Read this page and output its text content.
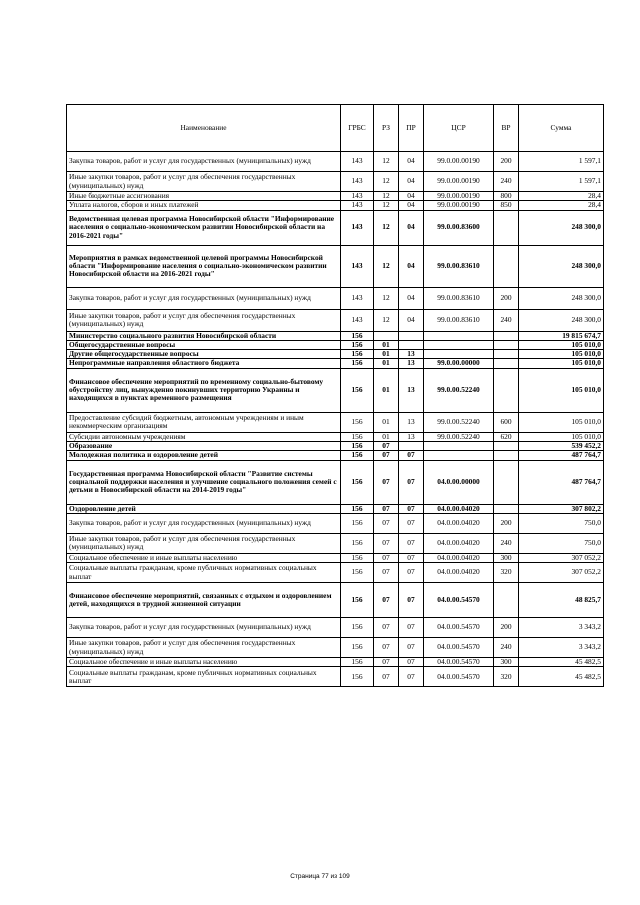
Наименование	ГРБС	РЗ	ПР	ЦСР	ВР	Сумма
Закупка товаров, работ и услуг для государственных (муниципальных) нужд	143	12	04	99.0.00.00190	200	1 597,1
Иные закупки товаров, работ и услуг для обеспечения государственных (муниципальных) нужд	143	12	04	99.0.00.00190	240	1 597,1
Иные бюджетные ассигнования	143	12	04	99.0.00.00190	800	28,4
Уплата налогов, сборов и иных платежей	143	12	04	99.0.00.00190	850	28,4
Ведомственная целевая программа Новосибирской области "Информирование населения о социально-экономическом развитии Новосибирской области на 2016-2021 годы"	143	12	04	99.0.00.83600		248 300,0
Мероприятия в рамках ведомственной целевой программы Новосибирской области "Информирование населения о социально-экономическом развитии Новосибирской области на 2016-2021 годы"	143	12	04	99.0.00.83610		248 300,0
Закупка товаров, работ и услуг для государственных (муниципальных) нужд	143	12	04	99.0.00.83610	200	248 300,0
Иные закупки товаров, работ и услуг для обеспечения государственных (муниципальных) нужд	143	12	04	99.0.00.83610	240	248 300,0
Министерство социального развития Новосибирской области	156					19 815 674,7
Общегосударственные вопросы	156	01				105 010,0
Другие общегосударственные вопросы	156	01	13			105 010,0
Непрограммные направления областного бюджета	156	01	13	99.0.00.00000		105 010,0
Финансовое обеспечение мероприятий по временному социально-бытовому обустройству лиц, вынужденно покинувших территорию Украины и находящихся в пунктах временного размещения	156	01	13	99.0.00.52240		105 010,0
Предоставление субсидий бюджетным, автономным учреждениям и иным некоммерческим организациям	156	01	13	99.0.00.52240	600	105 010,0
Субсидии автономным учреждениям	156	01	13	99.0.00.52240	620	105 010,0
Образование	156	07				539 452,2
Молодежная политика и оздоровление детей	156	07	07			487 764,7
Государственная программа Новосибирской области "Развитие системы социальной поддержки населения и улучшение социального положения семей с детьми в Новосибирской области на 2014-2019 годы"	156	07	07	04.0.00.00000		487 764,7
Оздоровление детей	156	07	07	04.0.00.04020		307 802,2
Закупка товаров, работ и услуг для государственных (муниципальных) нужд	156	07	07	04.0.00.04020	200	750,0
Иные закупки товаров, работ и услуг для обеспечения государственных (муниципальных) нужд	156	07	07	04.0.00.04020	240	750,0
Социальное обеспечение и иные выплаты населению	156	07	07	04.0.00.04020	300	307 052,2
Социальные выплаты гражданам, кроме публичных нормативных социальных выплат	156	07	07	04.0.00.04020	320	307 052,2
Финансовое обеспечение мероприятий, связанных с отдыхом и оздоровлением детей, находящихся в трудной жизненной ситуации	156	07	07	04.0.00.54570		48 825,7
Закупка товаров, работ и услуг для государственных (муниципальных) нужд	156	07	07	04.0.00.54570	200	3 343,2
Иные закупки товаров, работ и услуг для обеспечения государственных (муниципальных) нужд	156	07	07	04.0.00.54570	240	3 343,2
Социальное обеспечение и иные выплаты населению	156	07	07	04.0.00.54570	300	45 482,5
Социальные выплаты гражданам, кроме публичных нормативных социальных выплат	156	07	07	04.0.00.54570	320	45 482,5
Страница 77 из 109
